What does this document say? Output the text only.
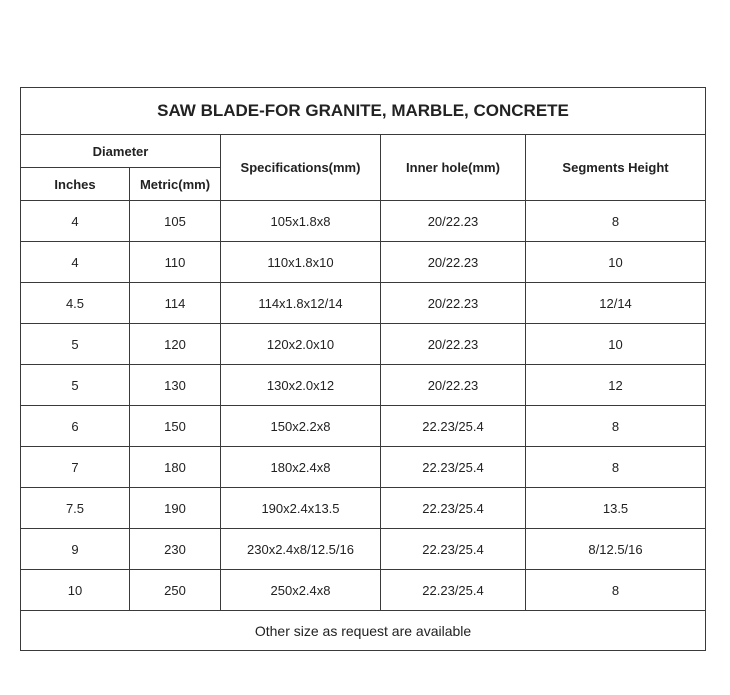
SAW BLADE-FOR GRANITE, MARBLE, CONCRETE				
Diameter		Specifications(mm)	Inner hole(mm)	Segments Height
Inches	Metric(mm)			
4	105	105x1.8x8	20/22.23	8
4	110	110x1.8x10	20/22.23	10
4.5	114	114x1.8x12/14	20/22.23	12/14
5	120	120x2.0x10	20/22.23	10
5	130	130x2.0x12	20/22.23	12
6	150	150x2.2x8	22.23/25.4	8
7	180	180x2.4x8	22.23/25.4	8
7.5	190	190x2.4x13.5	22.23/25.4	13.5
9	230	230x2.4x8/12.5/16	22.23/25.4	8/12.5/16
10	250	250x2.4x8	22.23/25.4	8
Other size as request are available				
